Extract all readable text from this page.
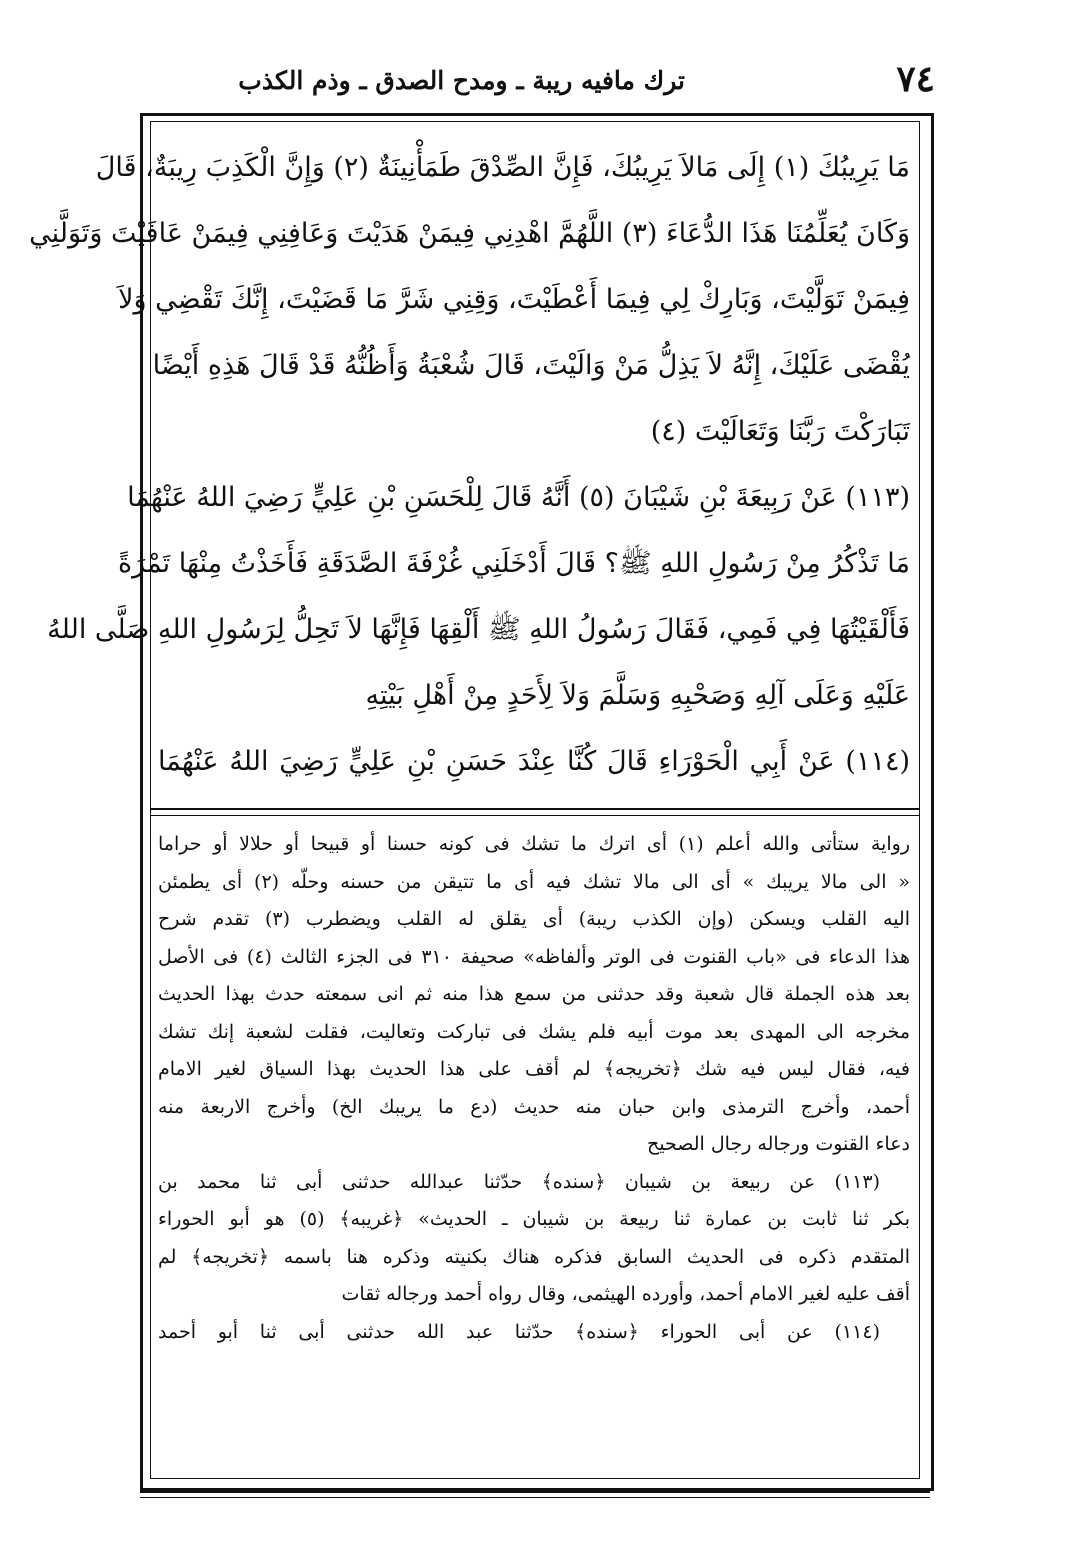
٧٤
ترك مافيه ريبة ـ ومدح الصدق ـ وذم الكذب
مَا يَرِيبُكَ (١) إِلَى مَالاَ يَرِيبُكَ، فَإِنَّ الصِّدْقَ طَمَأْنِينَةٌ (٢) وَإِنَّ الْكَذِبَ رِيبَةٌ، قَالَ
وَكَانَ يُعَلِّمُنَا هَذَا الدُّعَاءَ (٣) اللَّهُمَّ اهْدِنِي فِيمَنْ هَدَيْتَ وَعَافِنِي فِيمَنْ عَافَيْتَ وَتَوَلَّنِي
فِيمَنْ تَوَلَّيْتَ، وَبَارِكْ لِي فِيمَا أَعْطَيْتَ، وَقِنِي شَرَّ مَا قَضَيْتَ، إِنَّكَ تَقْضِي وَلاَ
يُقْضَى عَلَيْكَ، إِنَّهُ لاَ يَذِلُّ مَنْ وَالَيْتَ، قَالَ شُعْبَةُ وَأَظُنُّهُ قَدْ قَالَ هَذِهِ أَيْضًا
تَبَارَكْتَ رَبَّنَا وَتَعَالَيْتَ (٤)
(١١٣) عَنْ رَبِيعَةَ بْنِ شَيْبَانَ (٥) أَنَّهُ قَالَ لِلْحَسَنِ بْنِ عَلِيٍّ رَضِيَ اللهُ عَنْهُمَا
مَا تَذْكُرُ مِنْ رَسُولِ اللهِ ﷺ؟ قَالَ أَدْخَلَنِي غُرْفَةَ الصَّدَقَةِ فَأَخَذْتُ مِنْهَا تَمْرَةً
فَأَلْقَيْتُهَا فِي فَمِي، فَقَالَ رَسُولُ اللهِ ﷺ أَلْقِهَا فَإِنَّهَا لاَ تَحِلُّ لِرَسُولِ اللهِ صَلَّى اللهُ
عَلَيْهِ وَعَلَى آلِهِ وَصَحْبِهِ وَسَلَّمَ وَلاَ لِأَحَدٍ مِنْ أَهْلِ بَيْتِهِ
(١١٤) عَنْ أَبِي الْحَوْرَاءِ قَالَ كُنَّا عِنْدَ حَسَنِ بْنِ عَلِيٍّ رَضِيَ اللهُ عَنْهُمَا
رواية ستأتى والله أعلم (١) أى اترك ما تشك فى كونه حسنا أو قبيحا أو حلالا أو حراما
« الى مالا يريبك » أى الى مالا تشك فيه أى ما تتيقن من حسنه وحلّه (٢) أى يطمئن
اليه القلب ويسكن (وإن الكذب ريبة) أى يقلق له القلب ويضطرب (٣) تقدم شرح
هذا الدعاء فى «باب القنوت فى الوتر وألفاظه» صحيفة ٣١٠ فى الجزء الثالث (٤) فى الأصل
بعد هذه الجملة قال شعبة وقد حدثنى من سمع هذا منه ثم انى سمعته حدث بهذا الحديث
مخرجه الى المهدى بعد موت أبيه فلم يشك فى تباركت وتعاليت، فقلت لشعبة إنك تشك
فيه، فقال ليس فيه شك ﴿تخريجه﴾ لم أقف على هذا الحديث بهذا السياق لغير الامام
أحمد، وأخرج الترمذى وابن حبان منه حديث (دع ما يريبك الخ) وأخرج الاربعة منه
دعاء القنوت ورجاله رجال الصحيح
(١١٣) عن ربيعة بن شيبان ﴿سنده﴾ حدّثنا عبدالله حدثنى أبى ثنا محمد بن
بكر ثنا ثابت بن عمارة ثنا ربيعة بن شيبان ـ الحديث» ﴿غريبه﴾ (٥) هو أبو الحوراء
المتقدم ذكره فى الحديث السابق فذكره هناك بكنيته وذكره هنا باسمه ﴿تخريجه﴾ لم
أقف عليه لغير الامام أحمد، وأورده الهيثمى، وقال رواه أحمد ورجاله ثقات
(١١٤) عن أبى الحوراء ﴿سنده﴾ حدّثنا عبد الله حدثنى أبى ثنا أبو أحمد
